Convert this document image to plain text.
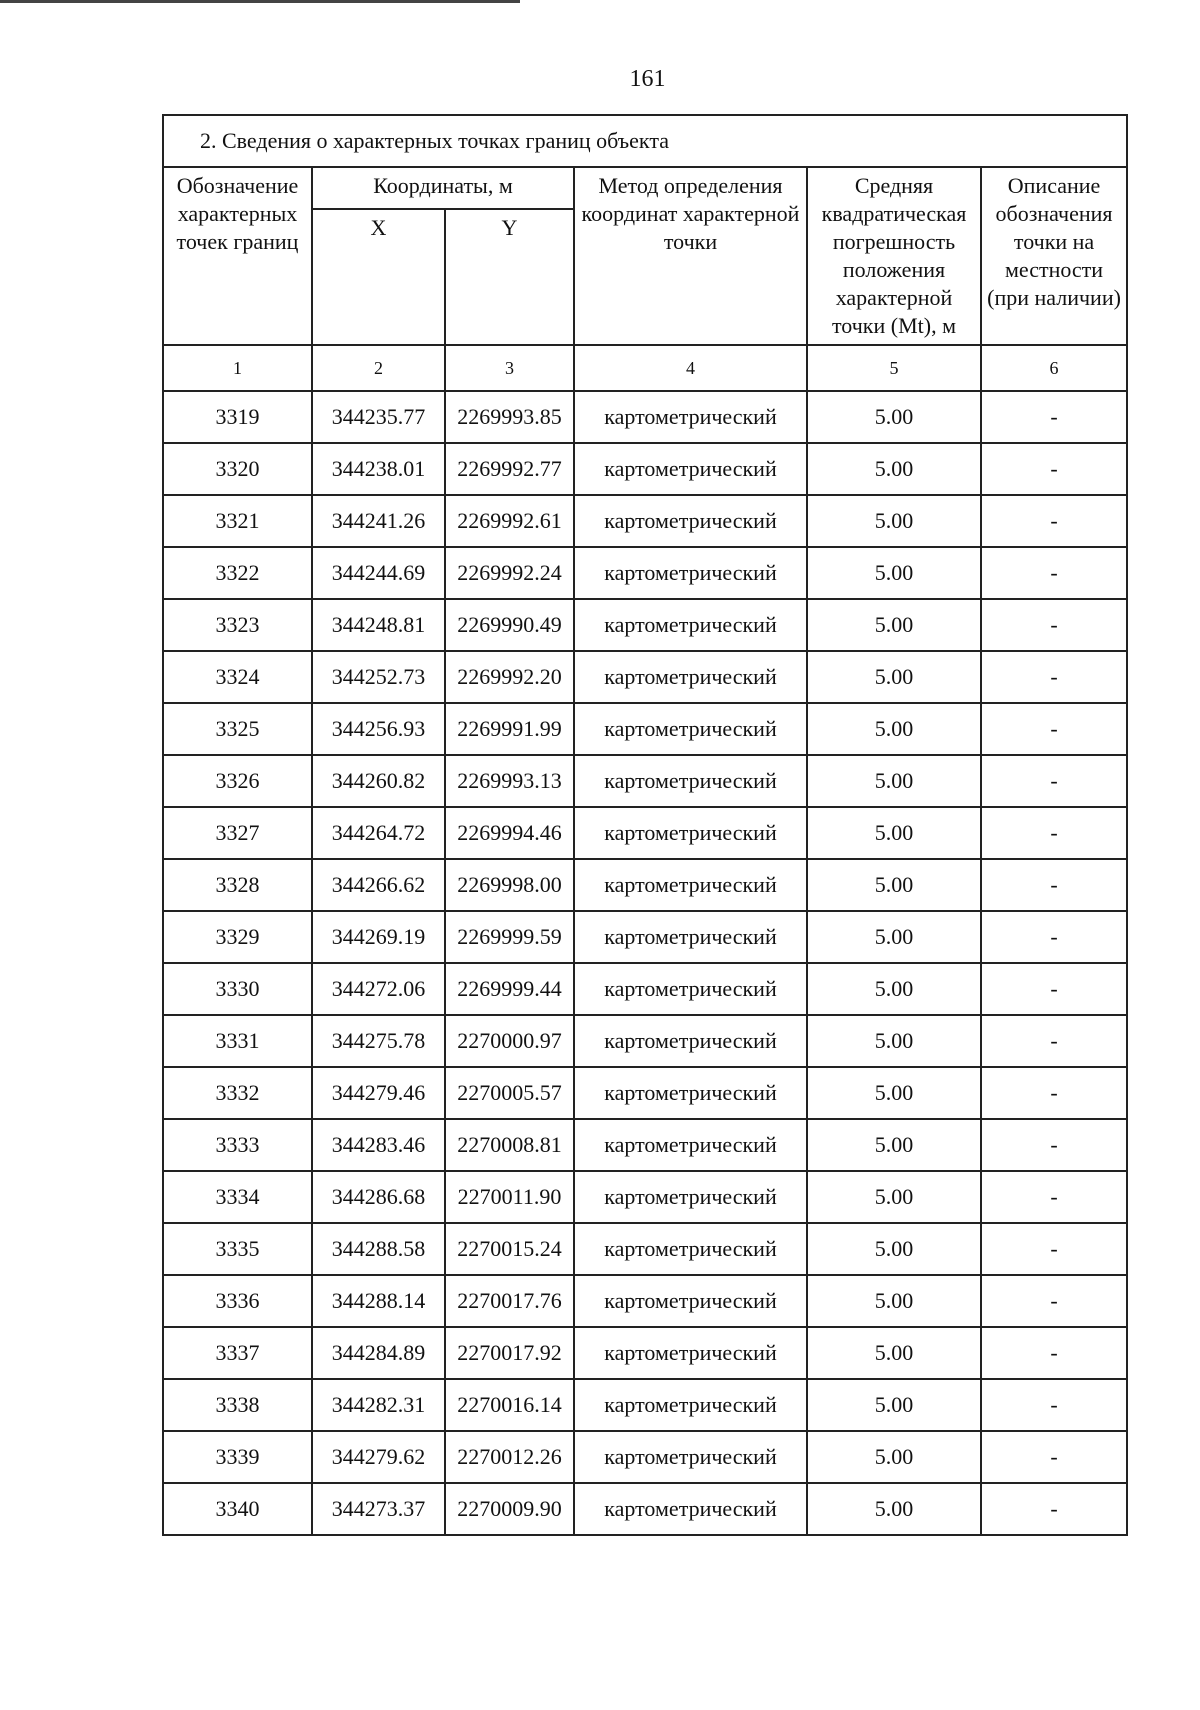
161
2. Сведения о характерных точках границ объекта					
Обозначение характерных точек границ	Координаты, м		Метод определения координат характерной точки	Средняя квадратическая погрешность положения характерной точки (Mt), м	Описание обозначения точки на местности (при наличии)
	X	Y			
1	2	3	4	5	6
3319	344235.77	2269993.85	картометрический	5.00	-
3320	344238.01	2269992.77	картометрический	5.00	-
3321	344241.26	2269992.61	картометрический	5.00	-
3322	344244.69	2269992.24	картометрический	5.00	-
3323	344248.81	2269990.49	картометрический	5.00	-
3324	344252.73	2269992.20	картометрический	5.00	-
3325	344256.93	2269991.99	картометрический	5.00	-
3326	344260.82	2269993.13	картометрический	5.00	-
3327	344264.72	2269994.46	картометрический	5.00	-
3328	344266.62	2269998.00	картометрический	5.00	-
3329	344269.19	2269999.59	картометрический	5.00	-
3330	344272.06	2269999.44	картометрический	5.00	-
3331	344275.78	2270000.97	картометрический	5.00	-
3332	344279.46	2270005.57	картометрический	5.00	-
3333	344283.46	2270008.81	картометрический	5.00	-
3334	344286.68	2270011.90	картометрический	5.00	-
3335	344288.58	2270015.24	картометрический	5.00	-
3336	344288.14	2270017.76	картометрический	5.00	-
3337	344284.89	2270017.92	картометрический	5.00	-
3338	344282.31	2270016.14	картометрический	5.00	-
3339	344279.62	2270012.26	картометрический	5.00	-
3340	344273.37	2270009.90	картометрический	5.00	-
